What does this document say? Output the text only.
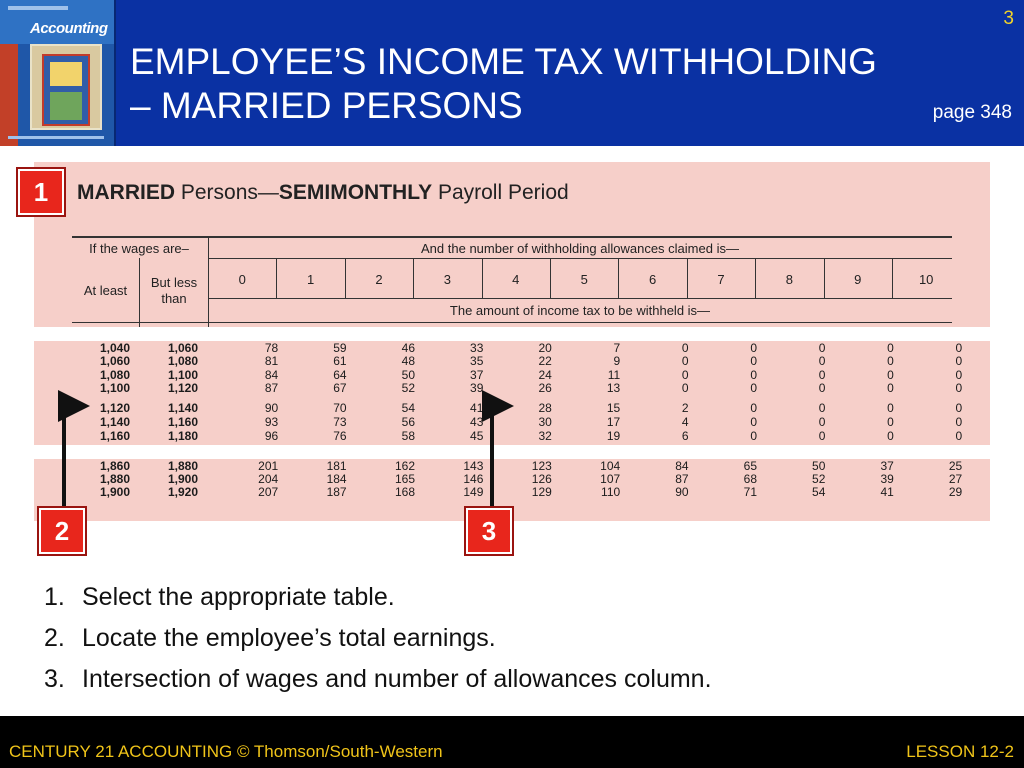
Accounting
EMPLOYEE’S INCOME TAX WITHHOLDING
– MARRIED PERSONS	page 348
3
MARRIED Persons—SEMIMONTHLY Payroll Period
If the wages are–	And the number of withholding allowances claimed is—
At least
But less
than
0	1	2	3	4	5	6	7	8	9	10
The amount of income tax to be withheld is—
1,040	1,060	78	59	46	33	20	7	0	0	0	0	0
1,060	1,080	81	61	48	35	22	9	0	0	0	0	0
1,080	1,100	84	64	50	37	24	11	0	0	0	0	0
1,100	1,120	87	67	52	39	26	13	0	0	0	0	0
1,120	1,140	90	70	54	41	28	15	2	0	0	0	0
1,140	1,160	93	73	56	43	30	17	4	0	0	0	0
1,160	1,180	96	76	58	45	32	19	6	0	0	0	0
1,860	1,880	201	181	162	143	123	104	84	65	50	37	25
1,880	1,900	204	184	165	146	126	107	87	68	52	39	27
1,900	1,920	207	187	168	149	129	110	90	71	54	41	29
1
2	3
1. Select the appropriate table.
2. Locate the employee’s total earnings.
3. Intersection of wages and number of allowances column.
CENTURY 21 ACCOUNTING © Thomson/South-Western	LESSON 12-2
